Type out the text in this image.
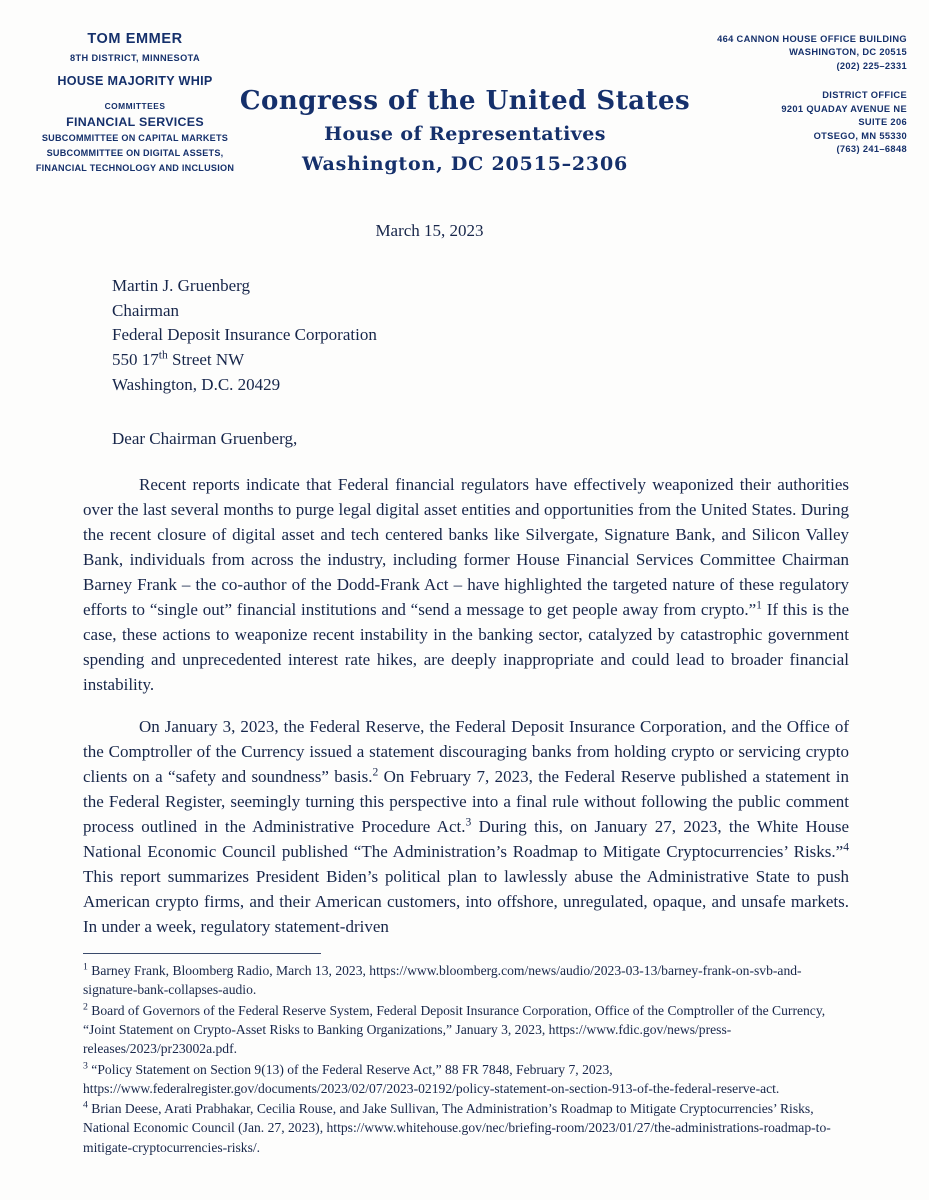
TOM EMMER
8TH DISTRICT, MINNESOTA
HOUSE MAJORITY WHIP
COMMITTEES
FINANCIAL SERVICES
SUBCOMMITTEE ON CAPITAL MARKETS
SUBCOMMITTEE ON DIGITAL ASSETS,
FINANCIAL TECHNOLOGY AND INCLUSION
Congress of the United States
House of Representatives
Washington, DC 20515–2306
464 CANNON HOUSE OFFICE BUILDING
WASHINGTON, DC 20515
(202) 225–2331
DISTRICT OFFICE
9201 QUADAY AVENUE NE
SUITE 206
OTSEGO, MN 55330
(763) 241–6848
March 15, 2023
Martin J. Gruenberg
Chairman
Federal Deposit Insurance Corporation
550 17th Street NW
Washington, D.C. 20429
Dear Chairman Gruenberg,

Recent reports indicate that Federal financial regulators have effectively weaponized their authorities over the last several months to purge legal digital asset entities and opportunities from the United States. During the recent closure of digital asset and tech centered banks like Silvergate, Signature Bank, and Silicon Valley Bank, individuals from across the industry, including former House Financial Services Committee Chairman Barney Frank – the co-author of the Dodd-Frank Act – have highlighted the targeted nature of these regulatory efforts to “single out” financial institutions and “send a message to get people away from crypto.”$^1$ If this is the case, these actions to weaponize recent instability in the banking sector, catalyzed by catastrophic government spending and unprecedented interest rate hikes, are deeply inappropriate and could lead to broader financial instability.

On January 3, 2023, the Federal Reserve, the Federal Deposit Insurance Corporation, and the Office of the Comptroller of the Currency issued a statement discouraging banks from holding crypto or servicing crypto clients on a “safety and soundness” basis.$^2$ On February 7, 2023, the Federal Reserve published a statement in the Federal Register, seemingly turning this perspective into a final rule without following the public comment process outlined in the Administrative Procedure Act.$^3$ During this, on January 27, 2023, the White House National Economic Council published “The Administration’s Roadmap to Mitigate Cryptocurrencies’ Risks.”$^4$ This report summarizes President Biden’s political plan to lawlessly abuse the Administrative State to push American crypto firms, and their American customers, into offshore, unregulated, opaque, and unsafe markets. In under a week, regulatory statement-driven

$^1$ Barney Frank, Bloomberg Radio, March 13, 2023, https://www.bloomberg.com/news/audio/2023-03-13/barney-frank-on-svb-and-signature-bank-collapses-audio.
$^2$ Board of Governors of the Federal Reserve System, Federal Deposit Insurance Corporation, Office of the Comptroller of the Currency, “Joint Statement on Crypto-Asset Risks to Banking Organizations,” January 3, 2023, https://www.fdic.gov/news/press-releases/2023/pr23002a.pdf.
$^3$ “Policy Statement on Section 9(13) of the Federal Reserve Act,” 88 FR 7848, February 7, 2023, https://www.federalregister.gov/documents/2023/02/07/2023-02192/policy-statement-on-section-913-of-the-federal-reserve-act.
$^4$ Brian Deese, Arati Prabhakar, Cecilia Rouse, and Jake Sullivan, The Administration’s Roadmap to Mitigate Cryptocurrencies’ Risks, National Economic Council (Jan. 27, 2023), https://www.whitehouse.gov/nec/briefing-room/2023/01/27/the-administrations-roadmap-to-mitigate-cryptocurrencies-risks/.
